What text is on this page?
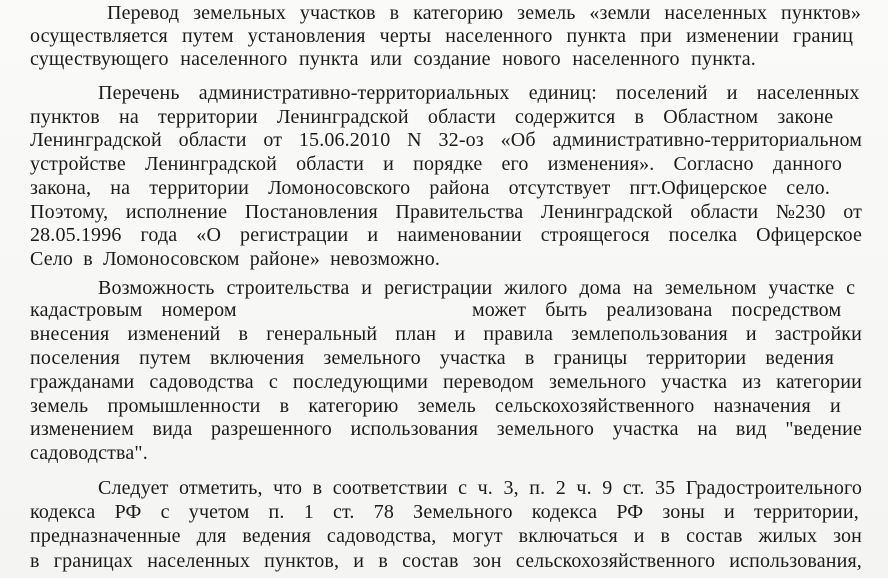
Перевод земельных участков в категорию земель «земли населенных пунктов»
осуществляется путем установления черты населенного пункта при изменении границ
существующего населенного пункта или создание нового населенного пункта.
Перечень административно-территориальных единиц: поселений и населенных
пунктов на территории Ленинградской области содержится в Областном законе
Ленинградской области от 15.06.2010 N 32-оз «Об административно-территориальном
устройстве Ленинградской области и порядке его изменения». Согласно данного
закона, на территории Ломоносовского района отсутствует пгт.Офицерское село.
Поэтому, исполнение Постановления Правительства Ленинградской области №230 от
28.05.1996 года «О регистрации и наименовании строящегося поселка Офицерское
Село в Ломоносовском районе» невозможно.
Возможность строительства и регистрации жилого дома на земельном участке с
кадастровым номером	может быть реализована посредством
внесения изменений в генеральный план и правила землепользования и застройки
поселения путем включения земельного участка в границы территории ведения
гражданами садоводства с последующими переводом земельного участка из категории
земель промышленности в категорию земель сельскохозяйственного назначения и
изменением вида разрешенного использования земельного участка на вид "ведение
садоводства".
Следует отметить, что в соответствии с ч. 3, п. 2 ч. 9 ст. 35 Градостроительного
кодекса РФ с учетом п. 1 ст. 78 Земельного кодекса РФ зоны и территории,
предназначенные для ведения садоводства, могут включаться и в состав жилых зон
в границах населенных пунктов, и в состав зон сельскохозяйственного использования,
